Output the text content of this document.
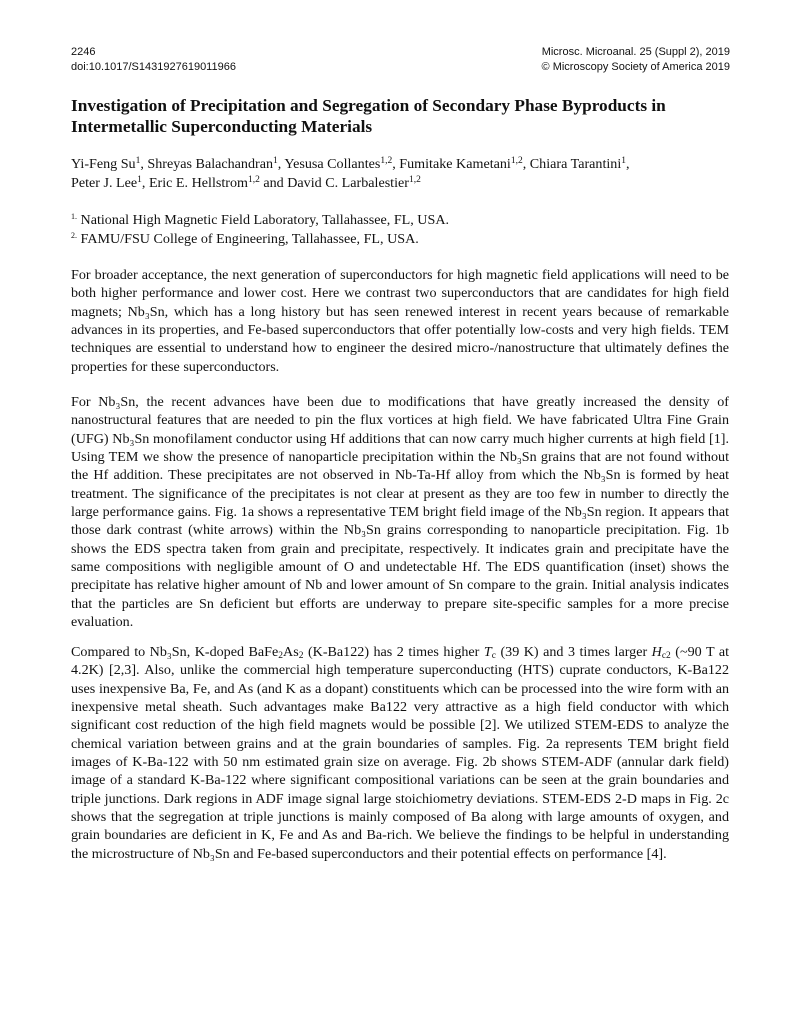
2246
doi:10.1017/S1431927619011966
Microsc. Microanal. 25 (Suppl 2), 2019
© Microscopy Society of America 2019
Investigation of Precipitation and Segregation of Secondary Phase Byproducts in
Intermetallic Superconducting Materials
Yi-Feng Su$^1$, Shreyas Balachandran$^1$, Yesusa Collantes$^{1,2}$, Fumitake Kametani$^{1,2}$, Chiara Tarantini$^1$,
Peter J. Lee$^1$, Eric E. Hellstrom$^{1,2}$ and David C. Larbalestier$^{1,2}$
$^{1.}$ National High Magnetic Field Laboratory, Tallahassee, FL, USA.
$^{2.}$ FAMU/FSU College of Engineering, Tallahassee, FL, USA.

For broader acceptance, the next generation of superconductors for high magnetic field applications will need to be both higher performance and lower cost. Here we contrast two superconductors that are candidates for high field magnets; Nb₃Sn, which has a long history but has seen renewed interest in recent years because of remarkable advances in its properties, and Fe-based superconductors that offer potentially low-costs and very high fields. TEM techniques are essential to understand how to engineer the desired micro-/nanostructure that ultimately defines the properties for these superconductors.

For Nb₃Sn, the recent advances have been due to modifications that have greatly increased the density of nanostructural features that are needed to pin the flux vortices at high field. We have fabricated Ultra Fine Grain (UFG) Nb₃Sn monofilament conductor using Hf additions that can now carry much higher currents at high field [1]. Using TEM we show the presence of nanoparticle precipitation within the Nb₃Sn grains that are not found without the Hf addition. These precipitates are not observed in Nb-Ta-Hf alloy from which the Nb₃Sn is formed by heat treatment. The significance of the precipitates is not clear at present as they are too few in number to directly the large performance gains. Fig. 1a shows a representative TEM bright field image of the Nb₃Sn region. It appears that those dark contrast (white arrows) within the Nb₃Sn grains corresponding to nanoparticle precipitation. Fig. 1b shows the EDS spectra taken from grain and precipitate, respectively. It indicates grain and precipitate have the same compositions with negligible amount of O and undetectable Hf. The EDS quantification (inset) shows the precipitate has relative higher amount of Nb and lower amount of Sn compare to the grain. Initial analysis indicates that the particles are Sn deficient but efforts are underway to prepare site-specific samples for a more precise evaluation.

Compared to Nb₃Sn, K-doped $BaFe_2As_2$ (K-Ba122) has 2 times higher $T_c$ (39 K) and 3 times larger $H_{c2}$ (~90 T at 4.2K) [2,3]. Also, unlike the commercial high temperature superconducting (HTS) cuprate conductors, K-Ba122 uses inexpensive Ba, Fe, and As (and K as a dopant) constituents which can be processed into the wire form with an inexpensive metal sheath. Such advantages make Ba122 very attractive as a high field conductor with which significant cost reduction of the high field magnets would be possible [2]. We utilized STEM-EDS to analyze the chemical variation between grains and at the grain boundaries of samples. Fig. 2a represents TEM bright field images of K-Ba-122 with 50 nm estimated grain size on average. Fig. 2b shows STEM-ADF (annular dark field) image of a standard K-Ba-122 where significant compositional variations can be seen at the grain boundaries and triple junctions. Dark regions in ADF image signal large stoichiometry deviations. STEM-EDS 2-D maps in Fig. 2c shows that the segregation at triple junctions is mainly composed of Ba along with large amounts of oxygen, and grain boundaries are deficient in K, Fe and As and Ba-rich. We believe the findings to be helpful in understanding the microstructure of Nb₃Sn and Fe-based superconductors and their potential effects on performance [4].
